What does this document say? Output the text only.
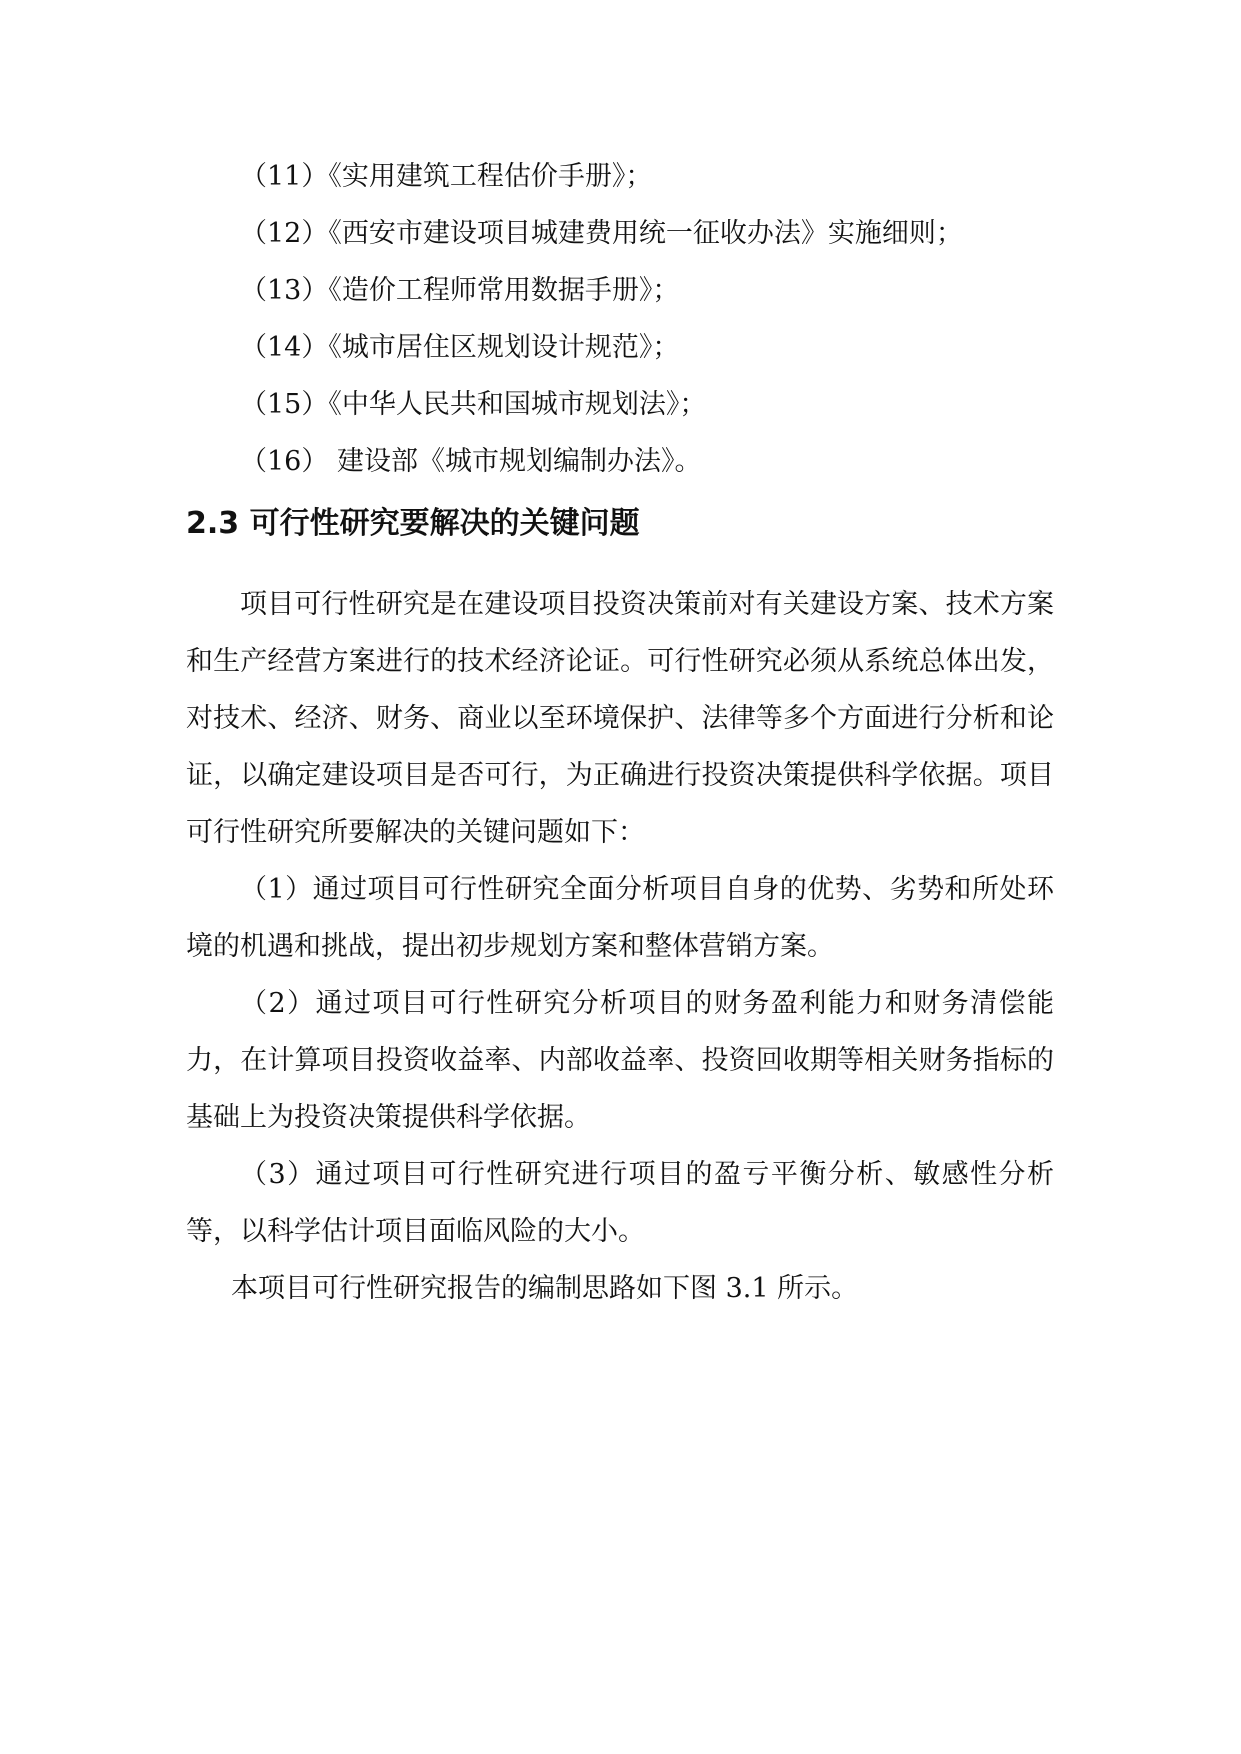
（11）《实用建筑工程估价手册》；
（12）《西安市建设项目城建费用统一征收办法》实施细则；
（13）《造价工程师常用数据手册》；
（14）《城市居住区规划设计规范》；
（15）《中华人民共和国城市规划法》；
（16） 建设部《城市规划编制办法》。
2.3 可行性研究要解决的关键问题

项目可行性研究是在建设项目投资决策前对有关建设方案、技术方案和生产经营方案进行的技术经济论证。可行性研究必须从系统总体出发，对技术、经济、财务、商业以至环境保护、法律等多个方面进行分析和论证，以确定建设项目是否可行，为正确进行投资决策提供科学依据。项目可行性研究所要解决的关键问题如下：

（1）通过项目可行性研究全面分析项目自身的优势、劣势和所处环境的机遇和挑战，提出初步规划方案和整体营销方案。

（2）通过项目可行性研究分析项目的财务盈利能力和财务清偿能力，在计算项目投资收益率、内部收益率、投资回收期等相关财务指标的基础上为投资决策提供科学依据。

（3）通过项目可行性研究进行项目的盈亏平衡分析、敏感性分析等，以科学估计项目面临风险的大小。

本项目可行性研究报告的编制思路如下图 3.1 所示。
